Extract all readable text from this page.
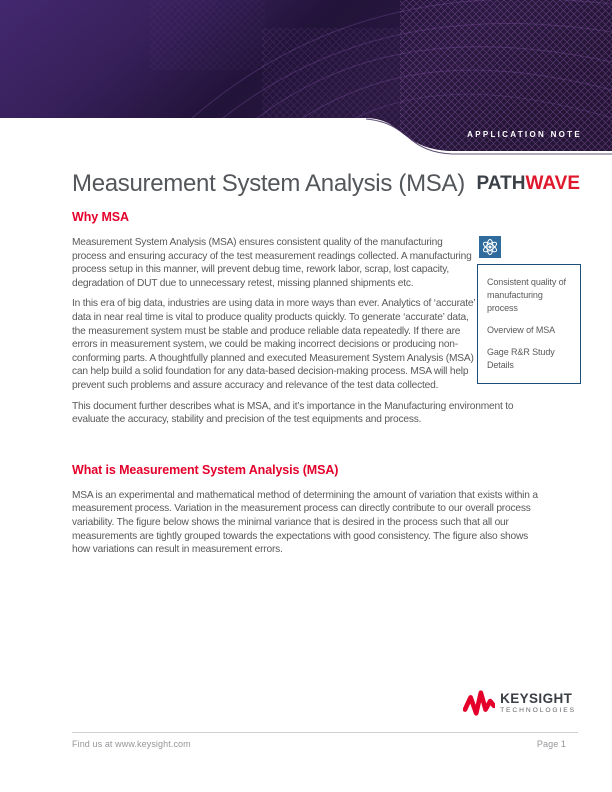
APPLICATION NOTE
Measurement System Analysis (MSA) PATHWAVE
Why MSA

Measurement System Analysis (MSA) ensures consistent quality of the manufacturing process and ensuring accuracy of the test measurement readings collected. A manufacturing process setup in this manner, will prevent debug time, rework labor, scrap, lost capacity, degradation of DUT due to unnecessary retest, missing planned shipments etc.

In this era of big data, industries are using data in more ways than ever. Analytics of ‘accurate’ data in near real time is vital to produce quality products quickly. To generate ‘accurate’ data, the measurement system must be stable and produce reliable data repeatedly. If there are errors in measurement system, we could be making incorrect decisions or producing non-conforming parts. A thoughtfully planned and executed Measurement System Analysis (MSA) can help build a solid foundation for any data-based decision-making process. MSA will help prevent such problems and assure accuracy and relevance of the test data collected.

This document further describes what is MSA, and it’s importance in the Manufacturing environment to evaluate the accuracy, stability and precision of the test equipments and process.

What is Measurement System Analysis (MSA)

MSA is an experimental and mathematical method of determining the amount of variation that exists within a measurement process. Variation in the measurement process can directly contribute to our overall process variability. The figure below shows the minimal variance that is desired in the process such that all our measurements are tightly grouped towards the expectations with good consistency. The figure also shows how variations can result in measurement errors.

Consistent quality of manufacturing process

Overview of MSA

Gage R&R Study Details

KEYSIGHT
TECHNOLOGIES
Find us at www.keysight.com	Page 1
